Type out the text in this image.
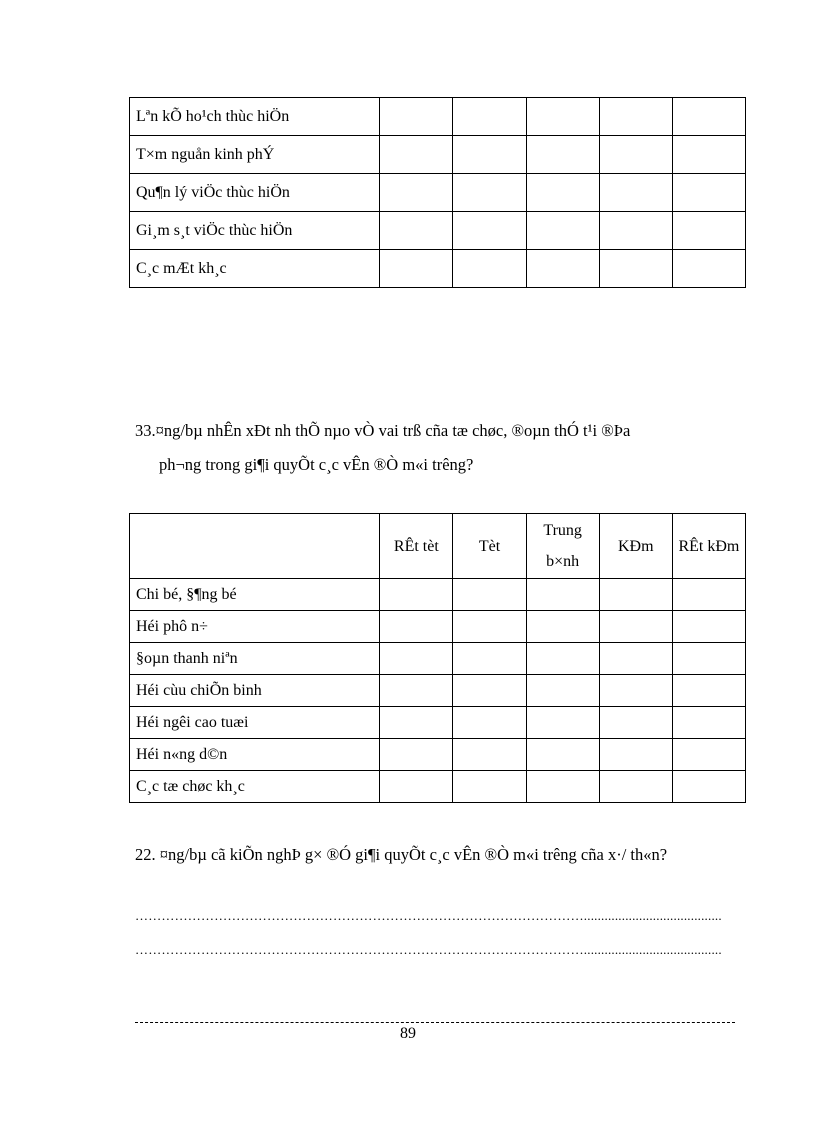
Lªn kÕ ho¹ch thùc hiÖn					
T×m nguån kinh phÝ					
Qu¶n lý viÖc thùc hiÖn					
Gi¸m s¸t viÖc thùc hiÖn					
C¸c mÆt kh¸c					
33.¤ng/bµ nhÊn xÐt nh thÕ nµo vÒ vai trß cña tæ chøc, ®oµn thÓ t¹i ®Þa
ph¬ng trong gi¶i quyÕt c¸c vÊn ®Ò m«i trêng?
	RÊt tèt	Tèt	Trung b×nh	KÐm	RÊt kÐm
Chi bé, §¶ng bé					
Héi phô n÷					
§oµn thanh niªn					
Héi cùu chiÕn binh					
Héi ngêi cao tuæi					
Héi n«ng d©n					
C¸c tæ chøc kh¸c					
22. ¤ng/bµ cã kiÕn nghÞ g× ®Ó gi¶i quyÕt c¸c vÊn ®Ò m«i trêng cña x·/ th«n?
…………………………………………………………………………………………........................................
…………………………………………………………………………………………........................................
89
